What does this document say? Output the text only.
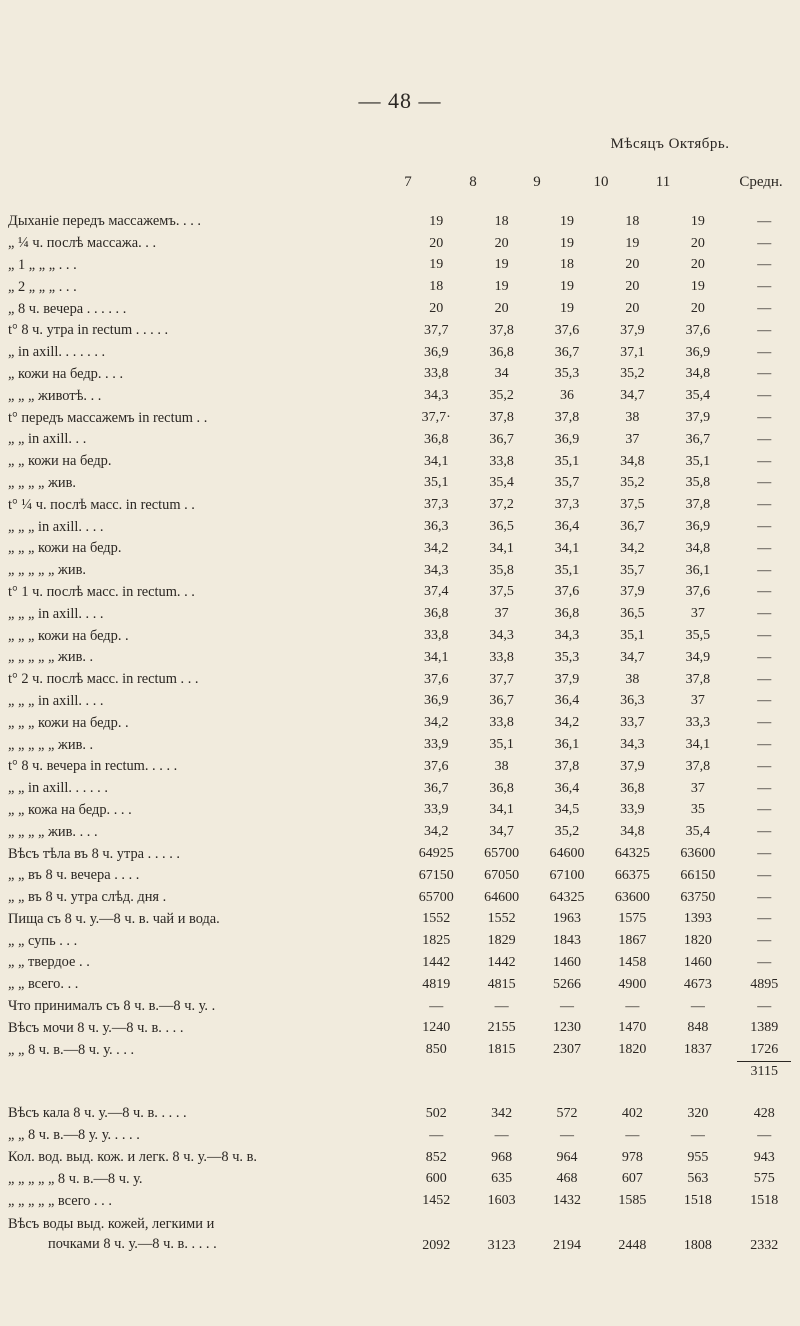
— 48 —
Мѣсяцъ Октябрь.
7	8	9	10	11	Средн.
Дыханіе передъ массажемъ. . . .	19	18	19	18	19	—
„ ¼ ч. послѣ массажа. . .	20	20	19	19	20	—
„ 1 „ „ „ . . .	19	19	18	20	20	—
„ 2 „ „ „ . . .	18	19	19	20	19	—
„ 8 ч. вечера . . . . . .	20	20	19	20	20	—
t° 8 ч. утра in rectum . . . . .	37,7	37,8	37,6	37,9	37,6	—
„ in axill. . . . . . .	36,9	36,8	36,7	37,1	36,9	—
„ кожи на бедр. . . .	33,8	34	35,3	35,2	34,8	—
„ „ „ животѣ. . .	34,3	35,2	36	34,7	35,4	—
t° передъ массажемъ in rectum . .	37,7·	37,8	37,8	38	37,9	—
„ „ in axill. . .	36,8	36,7	36,9	37	36,7	—
„ „ кожи на бедр.	34,1	33,8	35,1	34,8	35,1	—
„ „ „ „ жив.	35,1	35,4	35,7	35,2	35,8	—
t° ¼ ч. послѣ масс. in rectum . .	37,3	37,2	37,3	37,5	37,8	—
„ „ „ in axill. . . .	36,3	36,5	36,4	36,7	36,9	—
„ „ „ кожи на бедр.	34,2	34,1	34,1	34,2	34,8	—
„ „ „ „ „ жив.	34,3	35,8	35,1	35,7	36,1	—
t° 1 ч. послѣ масс. in rectum. . .	37,4	37,5	37,6	37,9	37,6	—
„ „ „ in axill. . . .	36,8	37	36,8	36,5	37	—
„ „ „ кожи на бедр. .	33,8	34,3	34,3	35,1	35,5	—
„ „ „ „ „ жив. .	34,1	33,8	35,3	34,7	34,9	—
t° 2 ч. послѣ масс. in rectum . . .	37,6	37,7	37,9	38	37,8	—
„ „ „ in axill. . . .	36,9	36,7	36,4	36,3	37	—
„ „ „ кожи на бедр. .	34,2	33,8	34,2	33,7	33,3	—
„ „ „ „ „ жив. .	33,9	35,1	36,1	34,3	34,1	—
t° 8 ч. вечера in rectum. . . . .	37,6	38	37,8	37,9	37,8	—
„ „ in axill. . . . . .	36,7	36,8	36,4	36,8	37	—
„ „ кожа на бедр. . . .	33,9	34,1	34,5	33,9	35	—
„ „ „ „ жив. . . .	34,2	34,7	35,2	34,8	35,4	—
Вѣсъ тѣла въ 8 ч. утра . . . . .	64925	65700	64600	64325	63600	—
„ „ въ 8 ч. вечера . . . .	67150	67050	67100	66375	66150	—
„ „ въ 8 ч. утра слѣд. дня .	65700	64600	64325	63600	63750	—
Пища съ 8 ч. у.—8 ч. в. чай и вода.	1552	1552	1963	1575	1393	—
„ „ супь . . .	1825	1829	1843	1867	1820	—
„ „ твердое . .	1442	1442	1460	1458	1460	—
„ „ всего. . .	4819	4815	5266	4900	4673	4895
Что принималъ съ 8 ч. в.—8 ч. у. .	—	—	—	—	—	—
Вѣсъ мочи 8 ч. у.—8 ч. в. . . .	1240	2155	1230	1470	848	1389
„ „ 8 ч. в.—8 ч. у. . . .	850	1815	2307	1820	1837	1726

						3115

Вѣсъ кала 8 ч. у.—8 ч. в. . . . .	502	342	572	402	320	428
„ „ 8 ч. в.—8 у. у. . . . .	—	—	—	—	—	—
Кол. вод. выд. кож. и легк. 8 ч. у.—8 ч. в.	852	968	964	978	955	943
„ „ „ „ „ 8 ч. в.—8 ч. у.	600	635	468	607	563	575
„ „ „ „ „ всего . . .	1452	1603	1432	1585	1518	1518

Вѣсъ воды выд. кожей, легкими и
почками 8 ч. у.—8 ч. в. . . . .	2092	3123	2194	2448	1808	2332
